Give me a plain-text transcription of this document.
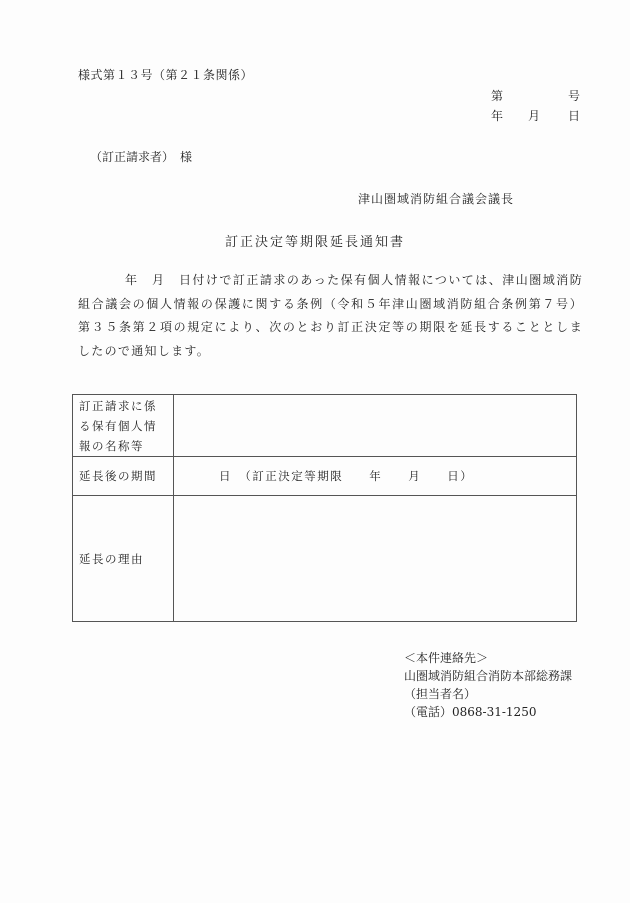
様式第１３号（第２１条関係）
第	号
年 月 日
（訂正請求者）　様
津山圏域消防組合議会議長
訂正決定等期限延長通知書
年　月　日付けで訂正請求のあった保有個人情報については、津山圏域消防組合議会の個人情報の保護に関する条例（令和５年津山圏域消防組合条例第７号）第３５条第２項の規定により、次のとおり訂正決定等の期限を延長することとしましたので通知します。
訂正請求に係る保有個人情報の名称等	
延長後の期間	　　　日　（訂正決定等期限　　年　　月　　日）
延長の理由	
＜本件連絡先＞
山圏域消防組合消防本部総務課
（担当者名）
（電話）0868-31-1250
